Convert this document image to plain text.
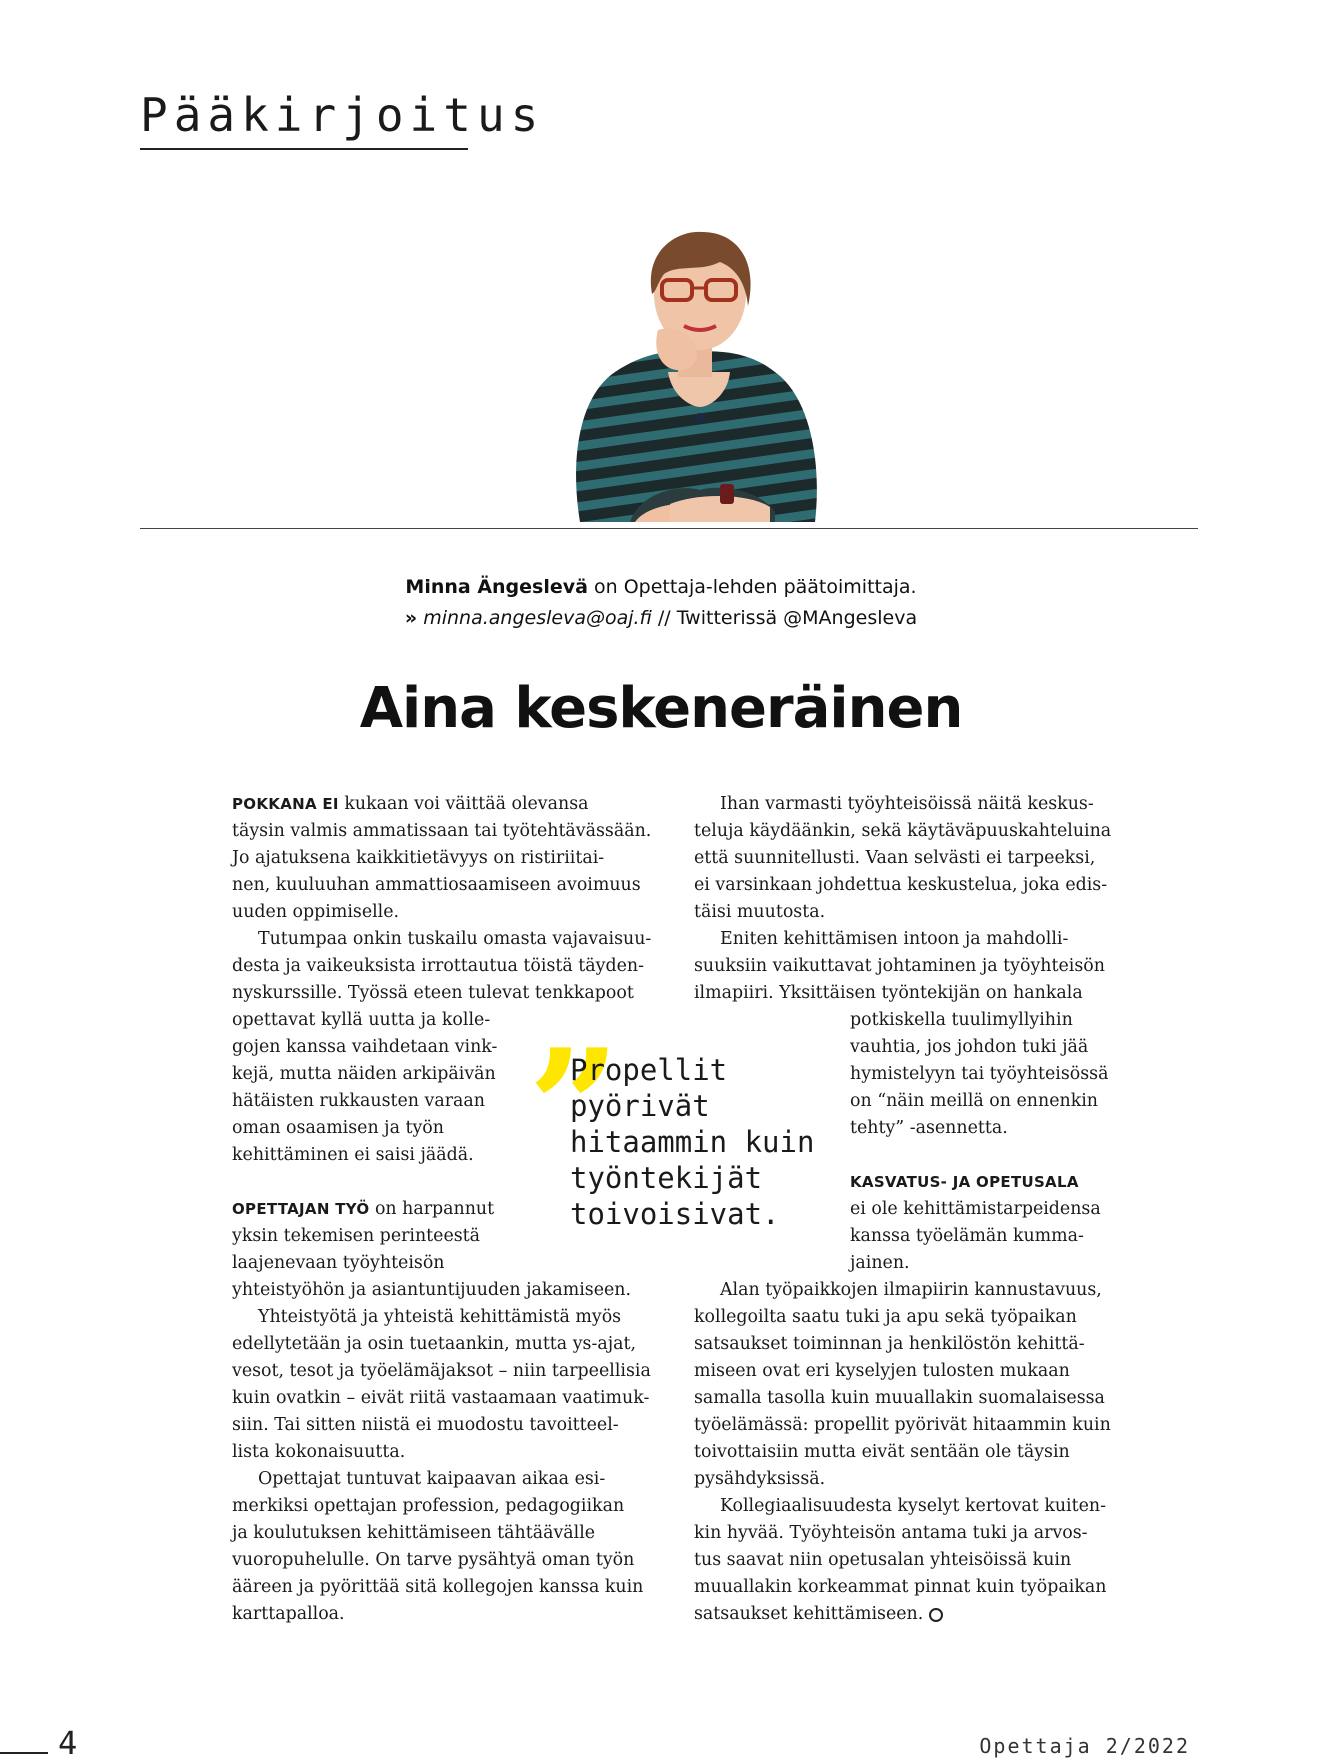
Pääkirjoitus
Minna Ängeslevä on Opettaja-lehden päätoimittaja.
» minna.angesleva@oaj.fi // Twitterissä @MAngesleva
Aina keskeneräinen
POKKANA EI kukaan voi väittää olevansa
täysin valmis ammatissaan tai työtehtävässään.
Jo ajatuksena kaikkitietävyys on ristiriitai-
nen, kuuluuhan ammattiosaamiseen avoimuus
uuden oppimiselle.
Tutumpaa onkin tuskailu omasta vajavaisuu-
desta ja vaikeuksista irrottautua töistä täyden-
nyskurssille. Työssä eteen tulevat tenkkapoot
opettavat kyllä uutta ja kolle-
gojen kanssa vaihdetaan vink-
kejä, mutta näiden arkipäivän
hätäisten rukkausten varaan
oman osaamisen ja työn
kehittäminen ei saisi jäädä.
OPETTAJAN TYÖ on harpannut
yksin tekemisen perinteestä
laajenevaan työyhteisön
yhteistyöhön ja asiantuntijuuden jakamiseen.
Yhteistyötä ja yhteistä kehittämistä myös
edellytetään ja osin tuetaankin, mutta ys-ajat,
vesot, tesot ja työelämäjaksot – niin tarpeellisia
kuin ovatkin – eivät riitä vastaamaan vaatimuk-
siin. Tai sitten niistä ei muodostu tavoitteel-
lista kokonaisuutta.
Opettajat tuntuvat kaipaavan aikaa esi-
merkiksi opettajan profession, pedagogiikan
ja koulutuksen kehittämiseen tähtäävälle
vuoropuhelulle. On tarve pysähtyä oman työn
ääreen ja pyörittää sitä kollegojen kanssa kuin
karttapalloa.
Ihan varmasti työyhteisöissä näitä keskus-
teluja käydäänkin, sekä käytäväpuuskahteluina
että suunnitellusti. Vaan selvästi ei tarpeeksi,
ei varsinkaan johdettua keskustelua, joka edis-
täisi muutosta.
Eniten kehittämisen intoon ja mahdolli-
suuksiin vaikuttavat johtaminen ja työyhteisön
ilmapiiri. Yksittäisen työntekijän on hankala
potkiskella tuulimyllyihin
vauhtia, jos johdon tuki jää
hymistelyyn tai työyhteisössä
on “näin meillä on ennenkin
tehty” -asennetta.
KASVATUS- JA OPETUSALA
ei ole kehittämistarpeidensa
kanssa työelämän kumma-
jainen.
Alan työpaikkojen ilmapiirin kannustavuus,
kollegoilta saatu tuki ja apu sekä työpaikan
satsaukset toiminnan ja henkilöstön kehittä-
miseen ovat eri kyselyjen tulosten mukaan
samalla tasolla kuin muuallakin suomalaisessa
työelämässä: propellit pyörivät hitaammin kuin
toivottaisiin mutta eivät sentään ole täysin
pysähdyksissä.
Kollegiaalisuudesta kyselyt kertovat kuiten-
kin hyvää. Työyhteisön antama tuki ja arvos-
tus saavat niin opetusalan yhteisöissä kuin
muuallakin korkeammat pinnat kuin työpaikan
satsaukset kehittämiseen.
”
Propellit
pyörivät
hitaammin kuin
työntekijät
toivoisivat.
4	Opettaja 2/2022
